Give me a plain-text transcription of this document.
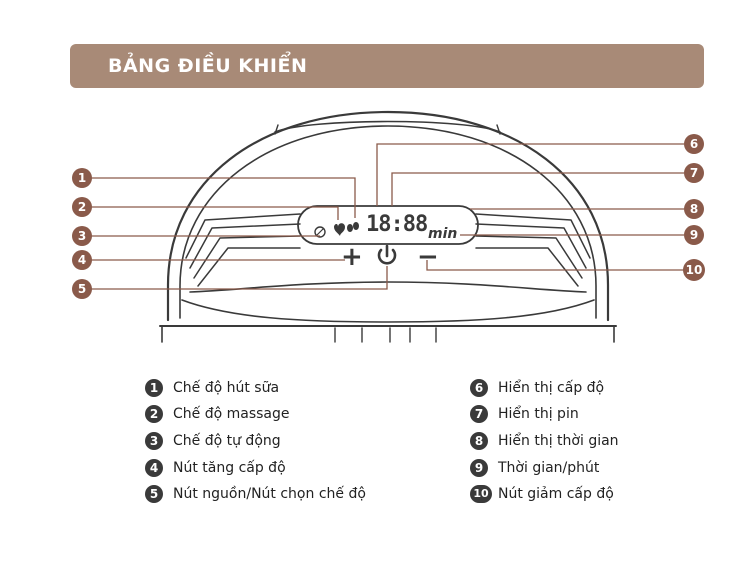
BẢNG ĐIỀU KHIỂN
18:88 min
+ −
1
2
3
4
5
6
7
8
9
10
1	Chế độ hút sữa
2	Chế độ massage
3	Chế độ tự động
4	Nút tăng cấp độ
5	Nút nguồn/Nút chọn chế độ
6	Hiển thị cấp độ
7	Hiển thị pin
8	Hiển thị thời gian
9	Thời gian/phút
10 Nút giảm cấp độ
